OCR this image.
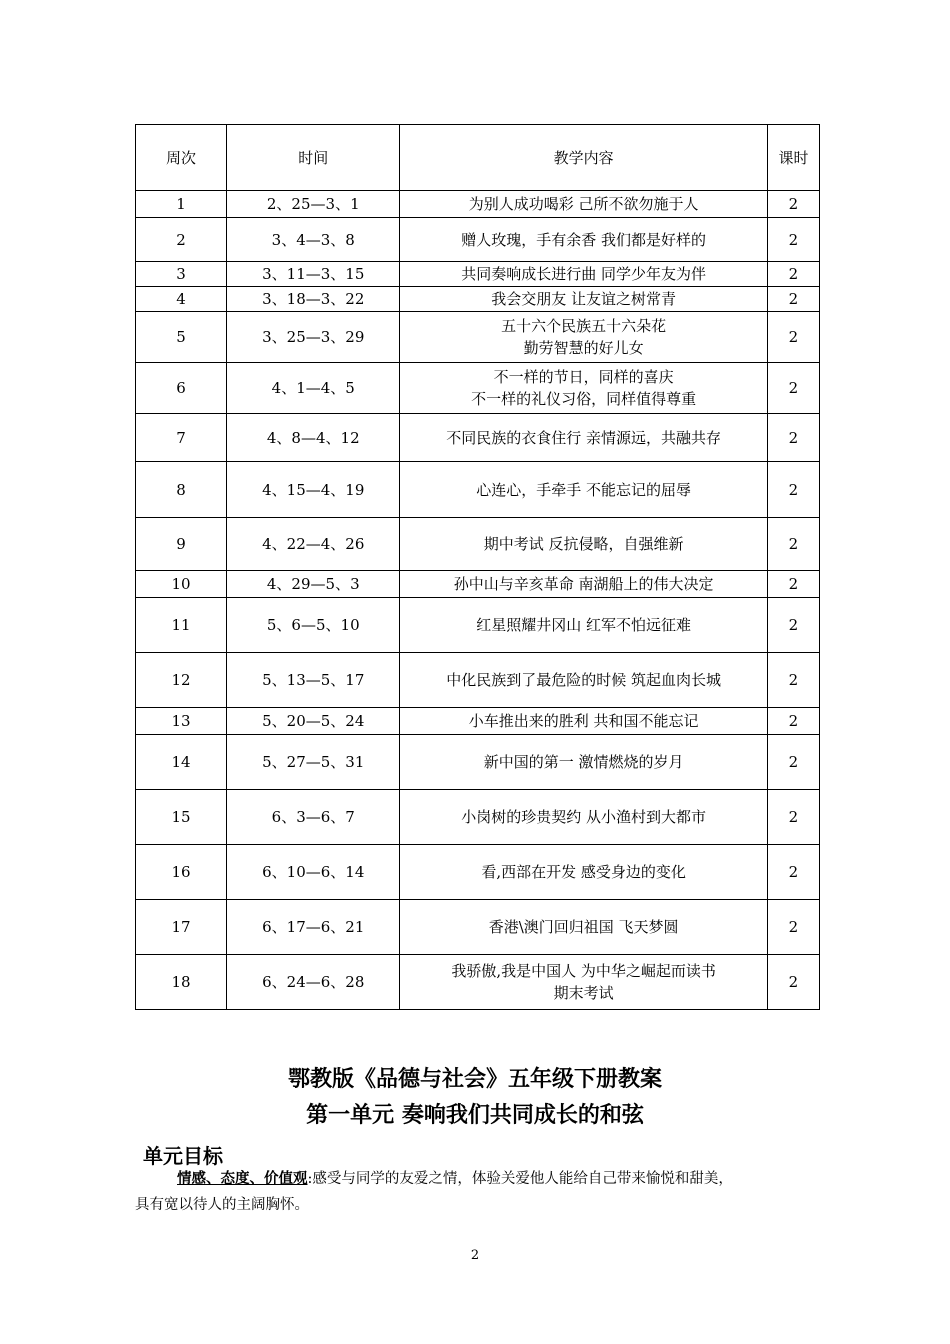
周次	时间	教学内容	课时
1	2、25—3、1	为别人成功喝彩 己所不欲勿施于人	2
2	3、4—3、8	赠人玫瑰，手有余香 我们都是好样的	2
3	3、11—3、15	共同奏响成长进行曲 同学少年友为伴	2
4	3、18—3、22	我会交朋友 让友谊之树常青	2
5	3、25—3、29	五十六个民族五十六朵花
勤劳智慧的好儿女	2
6	4、1—4、5	不一样的节日，同样的喜庆
不一样的礼仪习俗，同样值得尊重	2
7	4、8—4、12	不同民族的衣食住行 亲情源远，共融共存	2
8	4、15—4、19	心连心，手牵手 不能忘记的屈辱	2
9	4、22—4、26	期中考试 反抗侵略，自强维新	2
10	4、29—5、3	孙中山与辛亥革命 南湖船上的伟大决定	2
11	5、6—5、10	红星照耀井冈山 红军不怕远征难	2
12	5、13—5、17	中化民族到了最危险的时候 筑起血肉长城	2
13	5、20—5、24	小车推出来的胜利 共和国不能忘记	2
14	5、27—5、31	新中国的第一 激情燃烧的岁月	2
15	6、3—6、7	小岗树的珍贵契约 从小渔村到大都市	2
16	6、10—6、14	看,西部在开发 感受身边的变化	2
17	6、17—6、21	香港\澳门回归祖国 飞天梦圆	2
18	6、24—6、28	我骄傲,我是中国人 为中华之崛起而读书
期末考试	2
鄂教版《品德与社会》五年级下册教案
第一单元 奏响我们共同成长的和弦
单元目标
情感、态度、价值观:感受与同学的友爱之情，体验关爱他人能给自己带来愉悦和甜美，
具有宽以待人的主阔胸怀。
2
